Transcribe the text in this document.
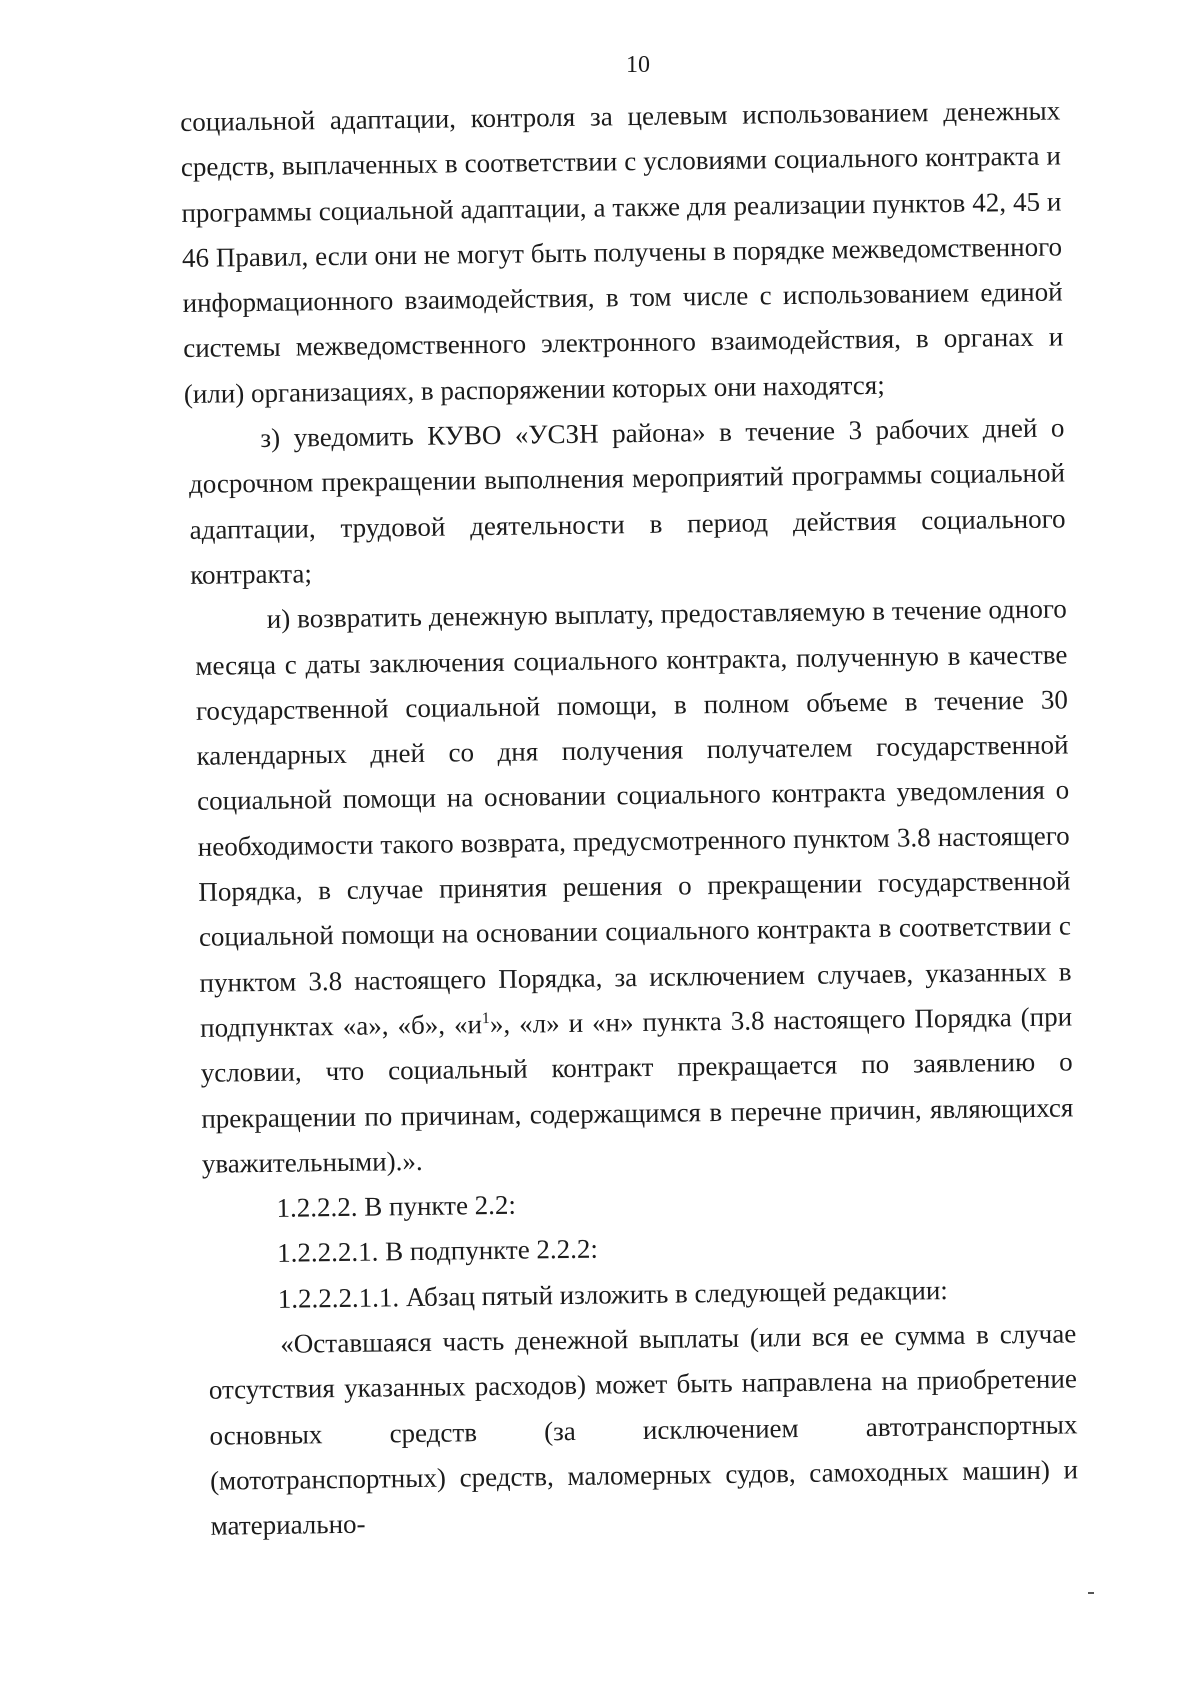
10

социальной адаптации, контроля за целевым использованием денежных средств, выплаченных в соответствии с условиями социального контракта и программы социальной адаптации, а также для реализации пунктов 42, 45 и 46 Правил, если они не могут быть получены в порядке межведомственного информационного взаимодействия, в том числе с использованием единой системы межведомственного электронного взаимодействия, в органах и (или) организациях, в распоряжении которых они находятся;

з) уведомить КУВО «УСЗН района» в течение 3 рабочих дней о досрочном прекращении выполнения мероприятий программы социальной адаптации, трудовой деятельности в период действия социального контракта;

и) возвратить денежную выплату, предоставляемую в течение одного месяца с даты заключения социального контракта, полученную в качестве государственной социальной помощи, в полном объеме в течение 30 календарных дней со дня получения получателем государственной социальной помощи на основании социального контракта уведомления о необходимости такого возврата, предусмотренного пунктом 3.8 настоящего Порядка, в случае принятия решения о прекращении государственной социальной помощи на основании социального контракта в соответствии с пунктом 3.8 настоящего Порядка, за исключением случаев, указанных в подпунктах «а», «б», «$и^1$», «л» и «н» пункта 3.8 настоящего Порядка (при условии, что социальный контракт прекращается по заявлению о прекращении по причинам, содержащимся в перечне причин, являющихся уважительными).».

1.2.2.2. В пункте 2.2:

1.2.2.2.1. В подпункте 2.2.2:

1.2.2.2.1.1. Абзац пятый изложить в следующей редакции:

«Оставшаяся часть денежной выплаты (или вся ее сумма в случае отсутствия указанных расходов) может быть направлена на приобретение основных средств (за исключением автотранспортных (мототранспортных) средств, маломерных судов, самоходных машин) и материально-
